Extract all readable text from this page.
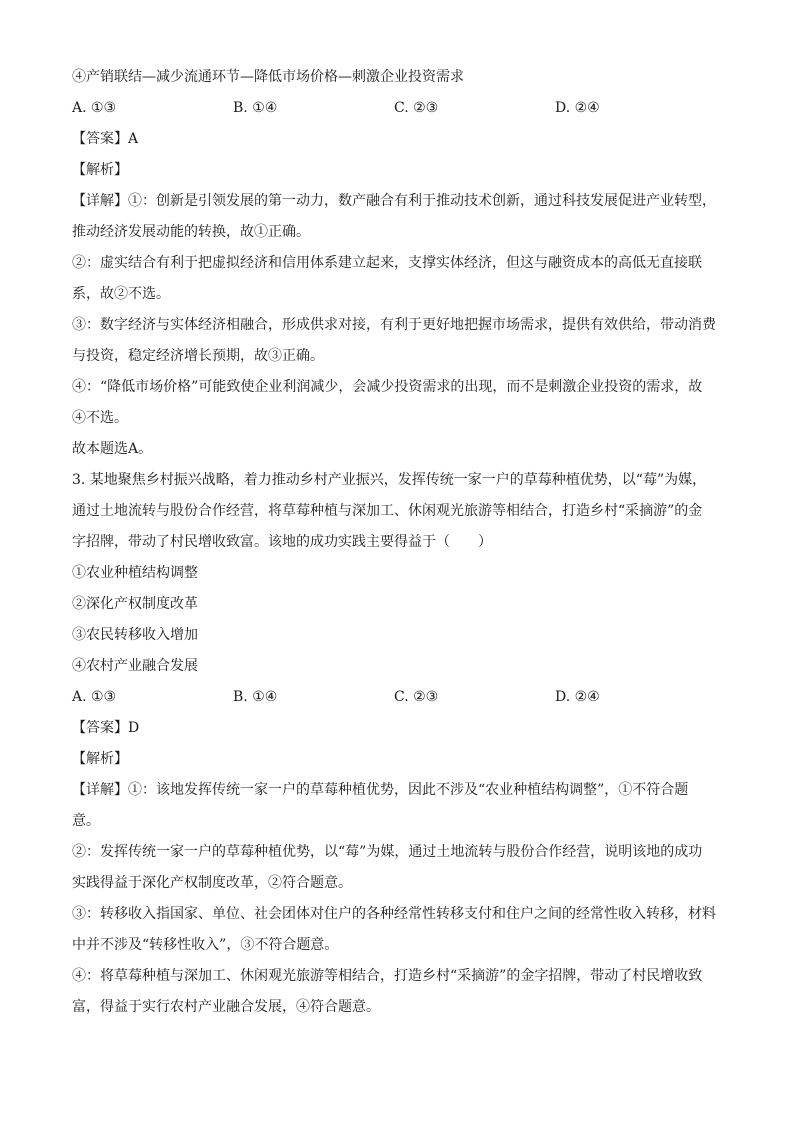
④产销联结—减少流通环节—降低市场价格—刺激企业投资需求
A. ①③	B. ①④	C. ②③	D. ②④
【答案】A
【解析】
【详解】①：创新是引领发展的第一动力，数产融合有利于推动技术创新，通过科技发展促进产业转型，
推动经济发展动能的转换，故①正确。
②：虚实结合有利于把虚拟经济和信用体系建立起来，支撑实体经济，但这与融资成本的高低无直接联
系，故②不选。
③：数字经济与实体经济相融合，形成供求对接，有利于更好地把握市场需求，提供有效供给，带动消费
与投资，稳定经济增长预期，故③正确。
④：“降低市场价格”可能致使企业利润减少，会减少投资需求的出现，而不是刺激企业投资的需求，故
④不选。
故本题选A。
3. 某地聚焦乡村振兴战略，着力推动乡村产业振兴，发挥传统一家一户的草莓种植优势，以“莓”为媒，
通过土地流转与股份合作经营，将草莓种植与深加工、休闲观光旅游等相结合，打造乡村“采摘游”的金
字招牌，带动了村民增收致富。该地的成功实践主要得益于（　　）
①农业种植结构调整
②深化产权制度改革
③农民转移收入增加
④农村产业融合发展
A. ①③	B. ①④	C. ②③	D. ②④
【答案】D
【解析】
【详解】①：该地发挥传统一家一户的草莓种植优势，因此不涉及“农业种植结构调整”，①不符合题
意。
②：发挥传统一家一户的草莓种植优势，以“莓”为媒，通过土地流转与股份合作经营，说明该地的成功
实践得益于深化产权制度改革，②符合题意。
③：转移收入指国家、单位、社会团体对住户的各种经常性转移支付和住户之间的经常性收入转移，材料
中并不涉及“转移性收入”，③不符合题意。
④：将草莓种植与深加工、休闲观光旅游等相结合，打造乡村“采摘游”的金字招牌，带动了村民增收致
富，得益于实行农村产业融合发展，④符合题意。
